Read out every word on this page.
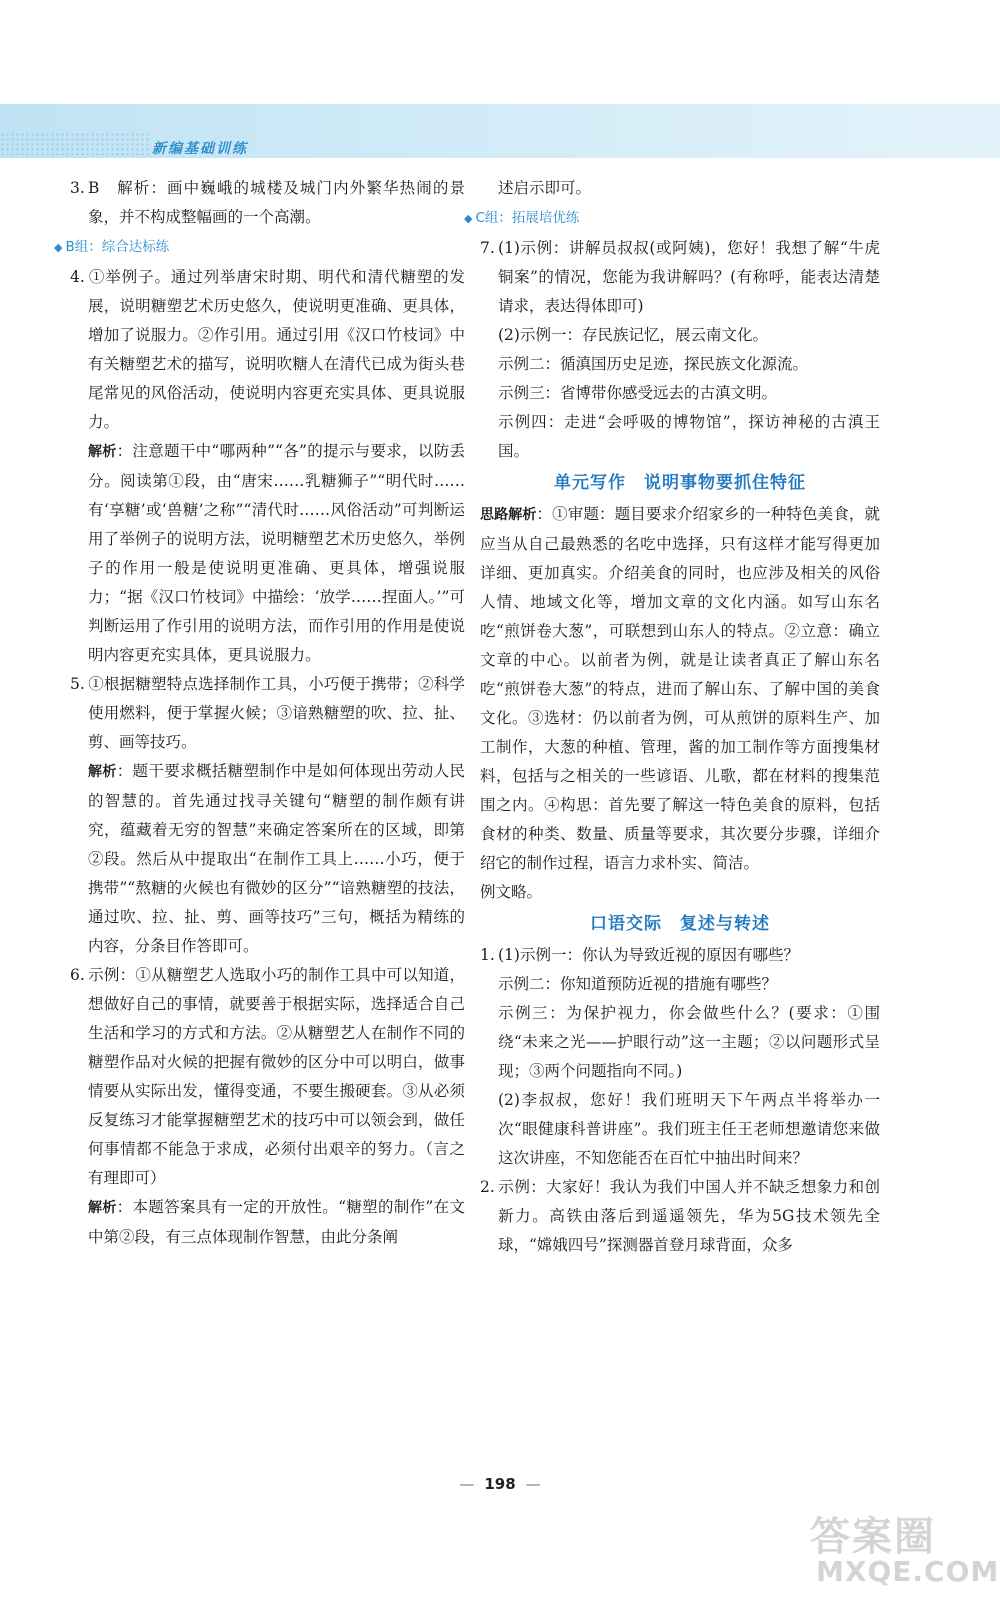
新编基础训练

3. B　解析：画中巍峨的城楼及城门内外繁华热闹的景象，并不构成整幅画的一个高潮。

◆ B组：综合达标练

4. ①举例子。通过列举唐宋时期、明代和清代糖塑的发展，说明糖塑艺术历史悠久，使说明更准确、更具体，增加了说服力。②作引用。通过引用《汉口竹枝词》中有关糖塑艺术的描写，说明吹糖人在清代已成为街头巷尾常见的风俗活动，使说明内容更充实具体、更具说服力。

解析：注意题干中“哪两种”“各”的提示与要求，以防丢分。阅读第①段，由“唐宋……乳糖狮子”“明代时……有‘享糖’或‘兽糖’之称”“清代时……风俗活动”可判断运用了举例子的说明方法，说明糖塑艺术历史悠久，举例子的作用一般是使说明更准确、更具体，增强说服力；“据《汉口竹枝词》中描绘：‘放学……捏面人。’”可判断运用了作引用的说明方法，而作引用的作用是使说明内容更充实具体，更具说服力。

5. ①根据糖塑特点选择制作工具，小巧便于携带；②科学使用燃料，便于掌握火候；③谙熟糖塑的吹、拉、扯、剪、画等技巧。

解析：题干要求概括糖塑制作中是如何体现出劳动人民的智慧的。首先通过找寻关键句“糖塑的制作颇有讲究，蕴藏着无穷的智慧”来确定答案所在的区域，即第②段。然后从中提取出“在制作工具上……小巧，便于携带”“熬糖的火候也有微妙的区分”“谙熟糖塑的技法，通过吹、拉、扯、剪、画等技巧”三句，概括为精练的内容，分条目作答即可。

6. 示例：①从糖塑艺人选取小巧的制作工具中可以知道，想做好自己的事情，就要善于根据实际，选择适合自己生活和学习的方式和方法。②从糖塑艺人在制作不同的糖塑作品对火候的把握有微妙的区分中可以明白，做事情要从实际出发，懂得变通，不要生搬硬套。③从必须反复练习才能掌握糖塑艺术的技巧中可以领会到，做任何事情都不能急于求成，必须付出艰辛的努力。（言之有理即可）

解析：本题答案具有一定的开放性。“糖塑的制作”在文中第②段，有三点体现制作智慧，由此分条阐

述启示即可。

◆ C组：拓展培优练

7. (1)示例：讲解员叔叔(或阿姨)，您好！我想了解“牛虎铜案”的情况，您能为我讲解吗？(有称呼，能表达清楚请求，表达得体即可)

(2)示例一：存民族记忆，展云南文化。

示例二：循滇国历史足迹，探民族文化源流。

示例三：省博带你感受远去的古滇文明。

示例四：走进“会呼吸的博物馆”，探访神秘的古滇王国。

单元写作　说明事物要抓住特征

思路解析：①审题：题目要求介绍家乡的一种特色美食，就应当从自己最熟悉的名吃中选择，只有这样才能写得更加详细、更加真实。介绍美食的同时，也应涉及相关的风俗人情、地域文化等，增加文章的文化内涵。如写山东名吃“煎饼卷大葱”，可联想到山东人的特点。②立意：确立文章的中心。以前者为例，就是让读者真正了解山东名吃“煎饼卷大葱”的特点，进而了解山东、了解中国的美食文化。③选材：仍以前者为例，可从煎饼的原料生产、加工制作，大葱的种植、管理，酱的加工制作等方面搜集材料，包括与之相关的一些谚语、儿歌，都在材料的搜集范围之内。④构思：首先要了解这一特色美食的原料，包括食材的种类、数量、质量等要求，其次要分步骤，详细介绍它的制作过程，语言力求朴实、简洁。

例文略。

口语交际　复述与转述

1. (1)示例一：你认为导致近视的原因有哪些？

示例二：你知道预防近视的措施有哪些？

示例三：为保护视力，你会做些什么？(要求：①围绕“未来之光——护眼行动”这一主题；②以问题形式呈现；③两个问题指向不同。)

(2)李叔叔，您好！我们班明天下午两点半将举办一次“眼健康科普讲座”。我们班主任王老师想邀请您来做这次讲座，不知您能否在百忙中抽出时间来？

2. 示例：大家好！我认为我们中国人并不缺乏想象力和创新力。高铁由落后到遥遥领先，华为5G技术领先全球，“嫦娥四号”探测器首登月球背面，众多

— 198 —
答案圈
MXQE.COM
